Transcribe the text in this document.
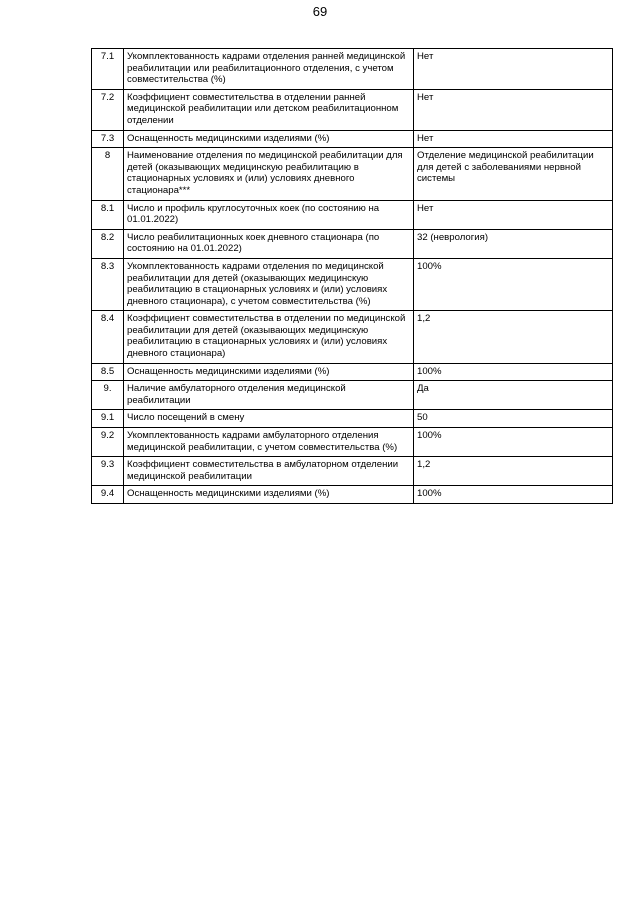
69
7.1	Укомплектованность кадрами отделения ранней медицинской реабилитации или реабилитационного отделения, с учетом совместительства (%)	Нет
7.2	Коэффициент совместительства в отделении ранней медицинской реабилитации или детском реабилитационном отделении	Нет
7.3	Оснащенность медицинскими изделиями (%)	Нет
8	Наименование отделения по медицинской реабилитации для детей (оказывающих медицинскую реабилитацию в стационарных условиях и (или) условиях дневного стационара***	Отделение медицинской реабилитации для детей с заболеваниями нервной системы
8.1	Число и профиль круглосуточных коек (по состоянию на 01.01.2022)	Нет
8.2	Число реабилитационных коек дневного стационара (по состоянию на 01.01.2022)	32 (неврология)
8.3	Укомплектованность кадрами отделения по медицинской реабилитации для детей (оказывающих медицинскую реабилитацию в стационарных условиях и (или) условиях дневного стационара), с учетом совместительства (%)	100%
8.4	Коэффициент совместительства в отделении по медицинской реабилитации для детей (оказывающих медицинскую реабилитацию в стационарных условиях и (или) условиях дневного стационара)	1,2
8.5	Оснащенность медицинскими изделиями (%)	100%
9.	Наличие амбулаторного отделения медицинской реабилитации	Да
9.1	Число посещений в смену	50
9.2	Укомплектованность кадрами амбулаторного отделения медицинской реабилитации, с учетом совместительства (%)	100%
9.3	Коэффициент совместительства в амбулаторном отделении медицинской реабилитации	1,2
9.4	Оснащенность медицинскими изделиями (%)	100%
